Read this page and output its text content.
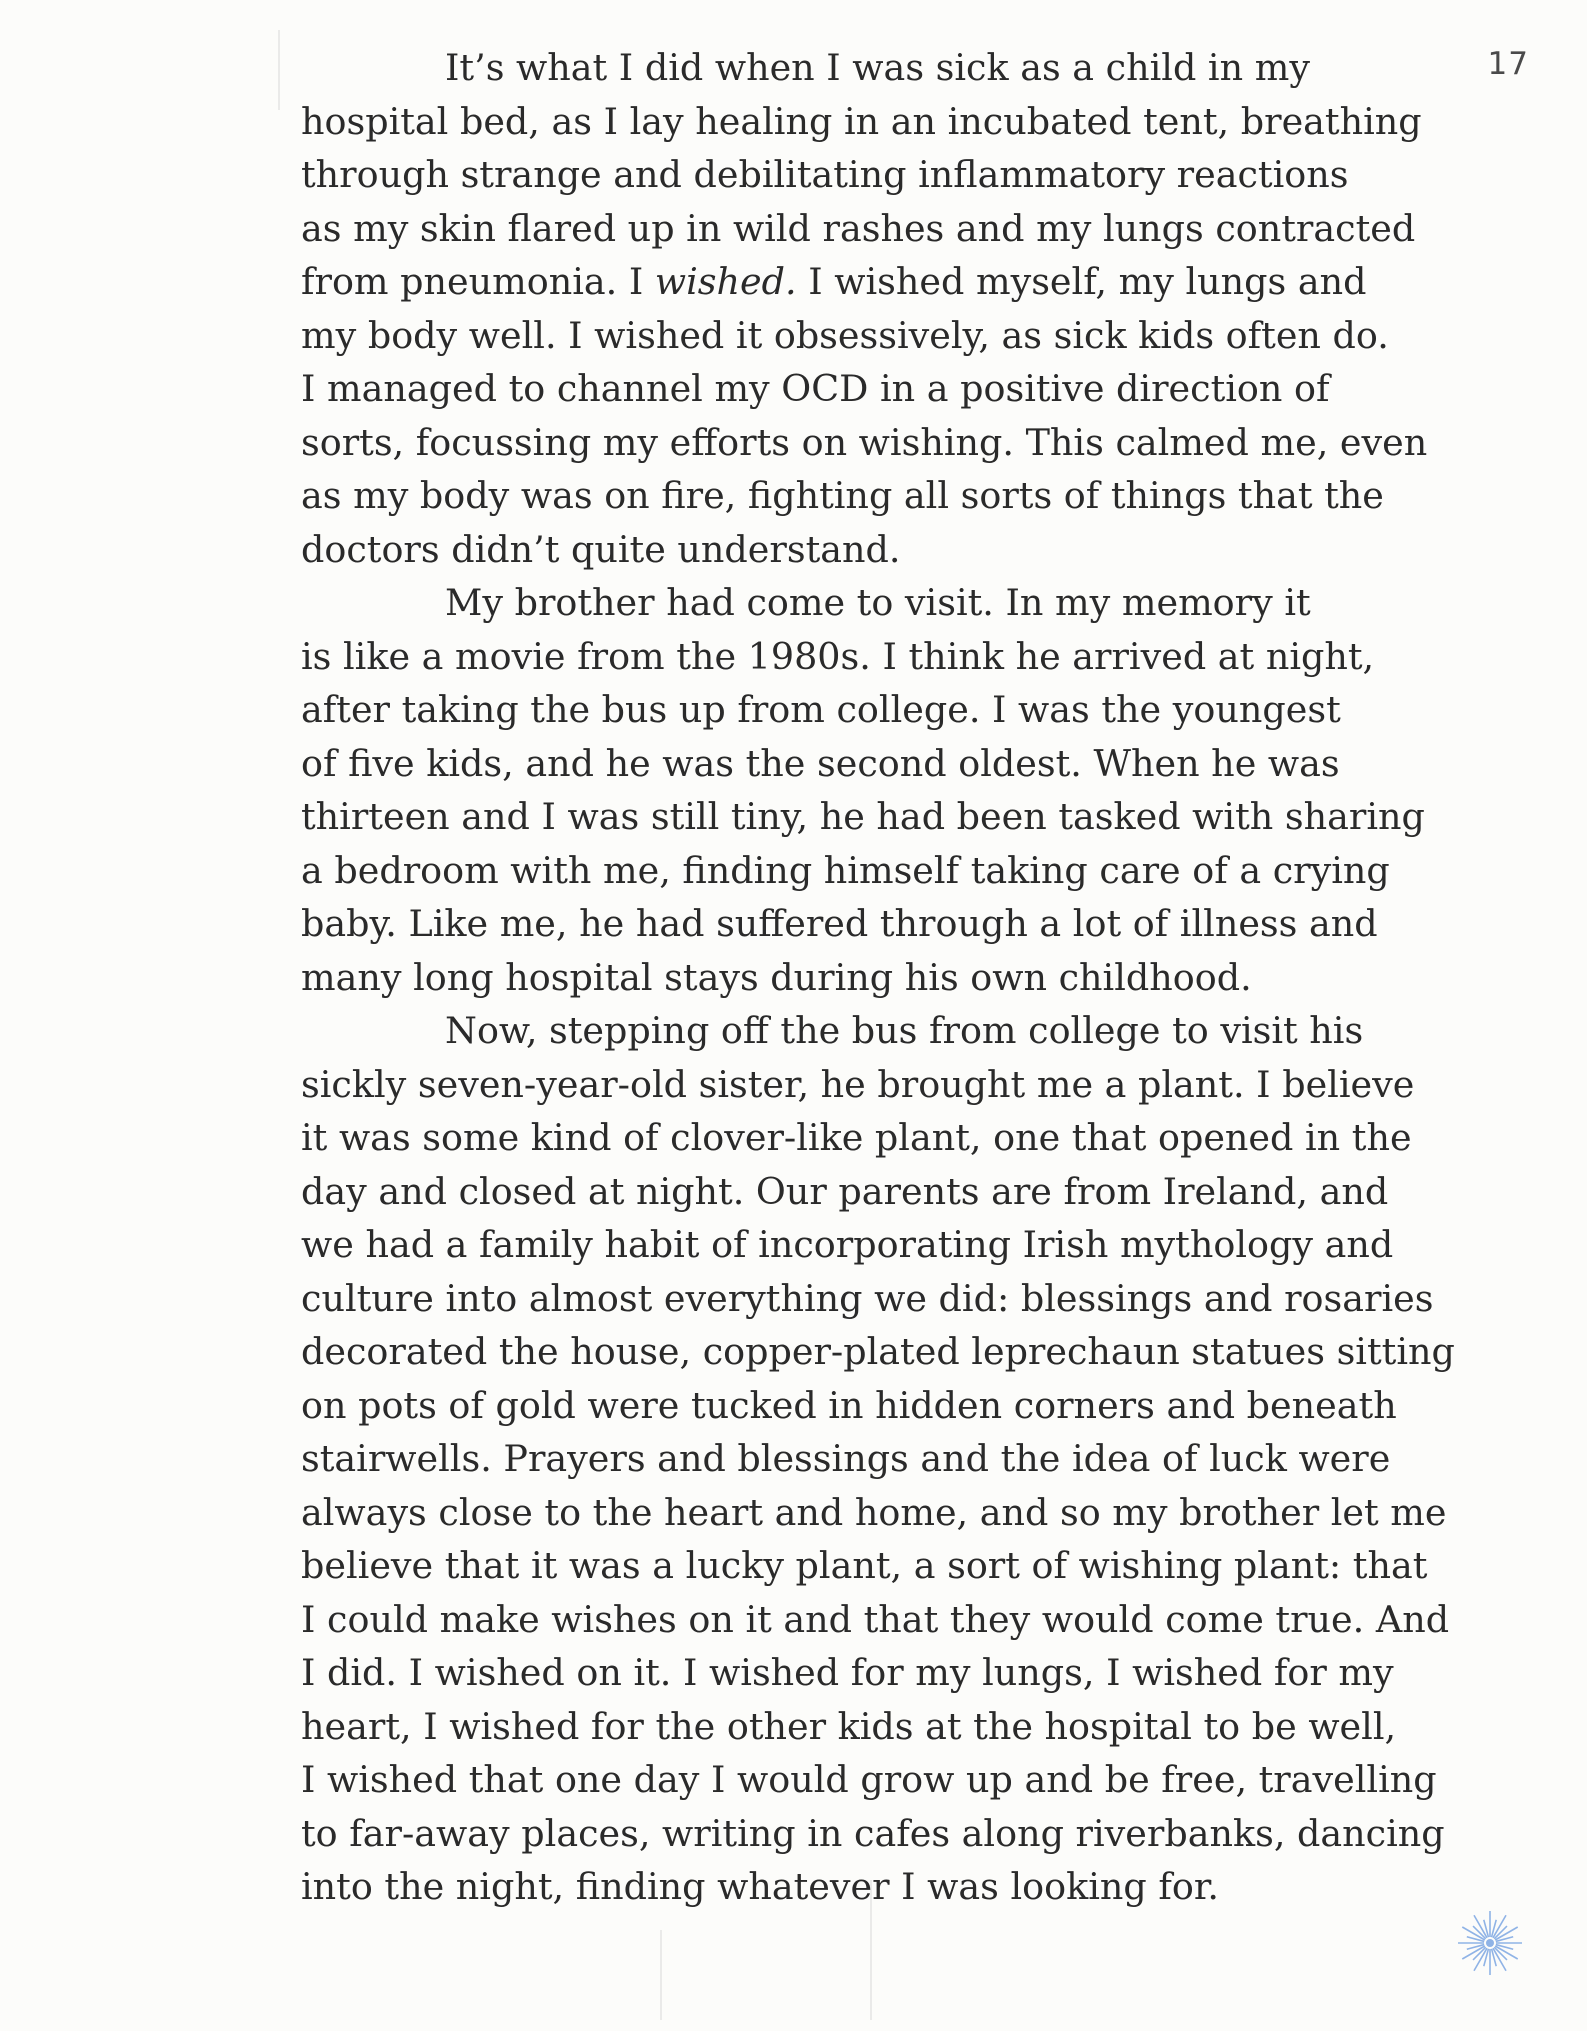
17
It’s what I did when I was sick as a child in my
hospital bed, as I lay healing in an incubated tent, breathing
through strange and debilitating inflammatory reactions
as my skin flared up in wild rashes and my lungs contracted
from pneumonia. I wished. I wished myself, my lungs and
my body well. I wished it obsessively, as sick kids often do.
I managed to channel my OCD in a positive direction of
sorts, focussing my efforts on wishing. This calmed me, even
as my body was on fire, fighting all sorts of things that the
doctors didn’t quite understand.
My brother had come to visit. In my memory it
is like a movie from the 1980s. I think he arrived at night,
after taking the bus up from college. I was the youngest
of five kids, and he was the second oldest. When he was
thirteen and I was still tiny, he had been tasked with sharing
a bedroom with me, finding himself taking care of a crying
baby. Like me, he had suffered through a lot of illness and
many long hospital stays during his own childhood.
Now, stepping off the bus from college to visit his
sickly seven-year-old sister, he brought me a plant. I believe
it was some kind of clover-like plant, one that opened in the
day and closed at night. Our parents are from Ireland, and
we had a family habit of incorporating Irish mythology and
culture into almost everything we did: blessings and rosaries
decorated the house, copper-plated leprechaun statues sitting
on pots of gold were tucked in hidden corners and beneath
stairwells. Prayers and blessings and the idea of luck were
always close to the heart and home, and so my brother let me
believe that it was a lucky plant, a sort of wishing plant: that
I could make wishes on it and that they would come true. And
I did. I wished on it. I wished for my lungs, I wished for my
heart, I wished for the other kids at the hospital to be well,
I wished that one day I would grow up and be free, travelling
to far-away places, writing in cafes along riverbanks, dancing
into the night, finding whatever I was looking for.
